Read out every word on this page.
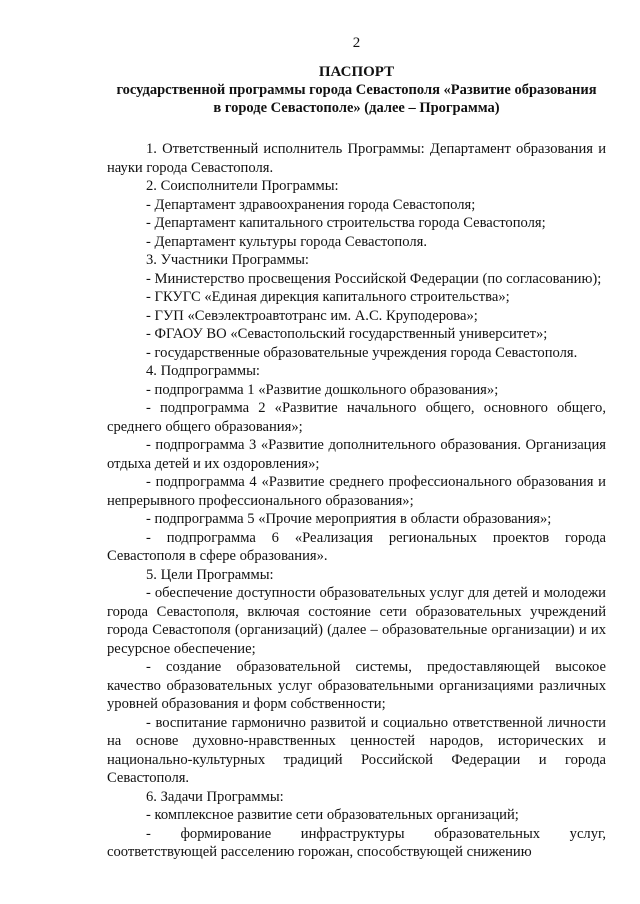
2
ПАСПОРТ
государственной программы города Севастополя «Развитие образования
в городе Севастополе» (далее – Программа)

1. Ответственный исполнитель Программы: Департамент образования и науки города Севастополя.

2. Соисполнители Программы:

- Департамент здравоохранения города Севастополя;

- Департамент капитального строительства города Севастополя;

- Департамент культуры города Севастополя.

3. Участники Программы:

- Министерство просвещения Российской Федерации (по согласованию);

- ГКУГС «Единая дирекция капитального строительства»;

- ГУП «Севэлектроавтотранс им. А.С. Круподерова»;

- ФГАОУ ВО «Севастопольский государственный университет»;

- государственные образовательные учреждения города Севастополя.

4. Подпрограммы:

- подпрограмма 1 «Развитие дошкольного образования»;

- подпрограмма 2 «Развитие начального общего, основного общего, среднего общего образования»;

- подпрограмма 3 «Развитие дополнительного образования. Организация отдыха детей и их оздоровления»;

- подпрограмма 4 «Развитие среднего профессионального образования и непрерывного профессионального образования»;

- подпрограмма 5 «Прочие мероприятия в области образования»;

- подпрограмма 6 «Реализация региональных проектов города Севастополя в сфере образования».

5. Цели Программы:

- обеспечение доступности образовательных услуг для детей и молодежи города Севастополя, включая состояние сети образовательных учреждений города Севастополя (организаций) (далее – образовательные организации) и их ресурсное обеспечение;

- создание образовательной системы, предоставляющей высокое качество образовательных услуг образовательными организациями различных уровней образования и форм собственности;

- воспитание гармонично развитой и социально ответственной личности на основе духовно-нравственных ценностей народов, исторических и национально-культурных традиций Российской Федерации и города Севастополя.

6. Задачи Программы:

- комплексное развитие сети образовательных организаций;

- формирование инфраструктуры образовательных услуг, соответствующей расселению горожан, способствующей снижению
